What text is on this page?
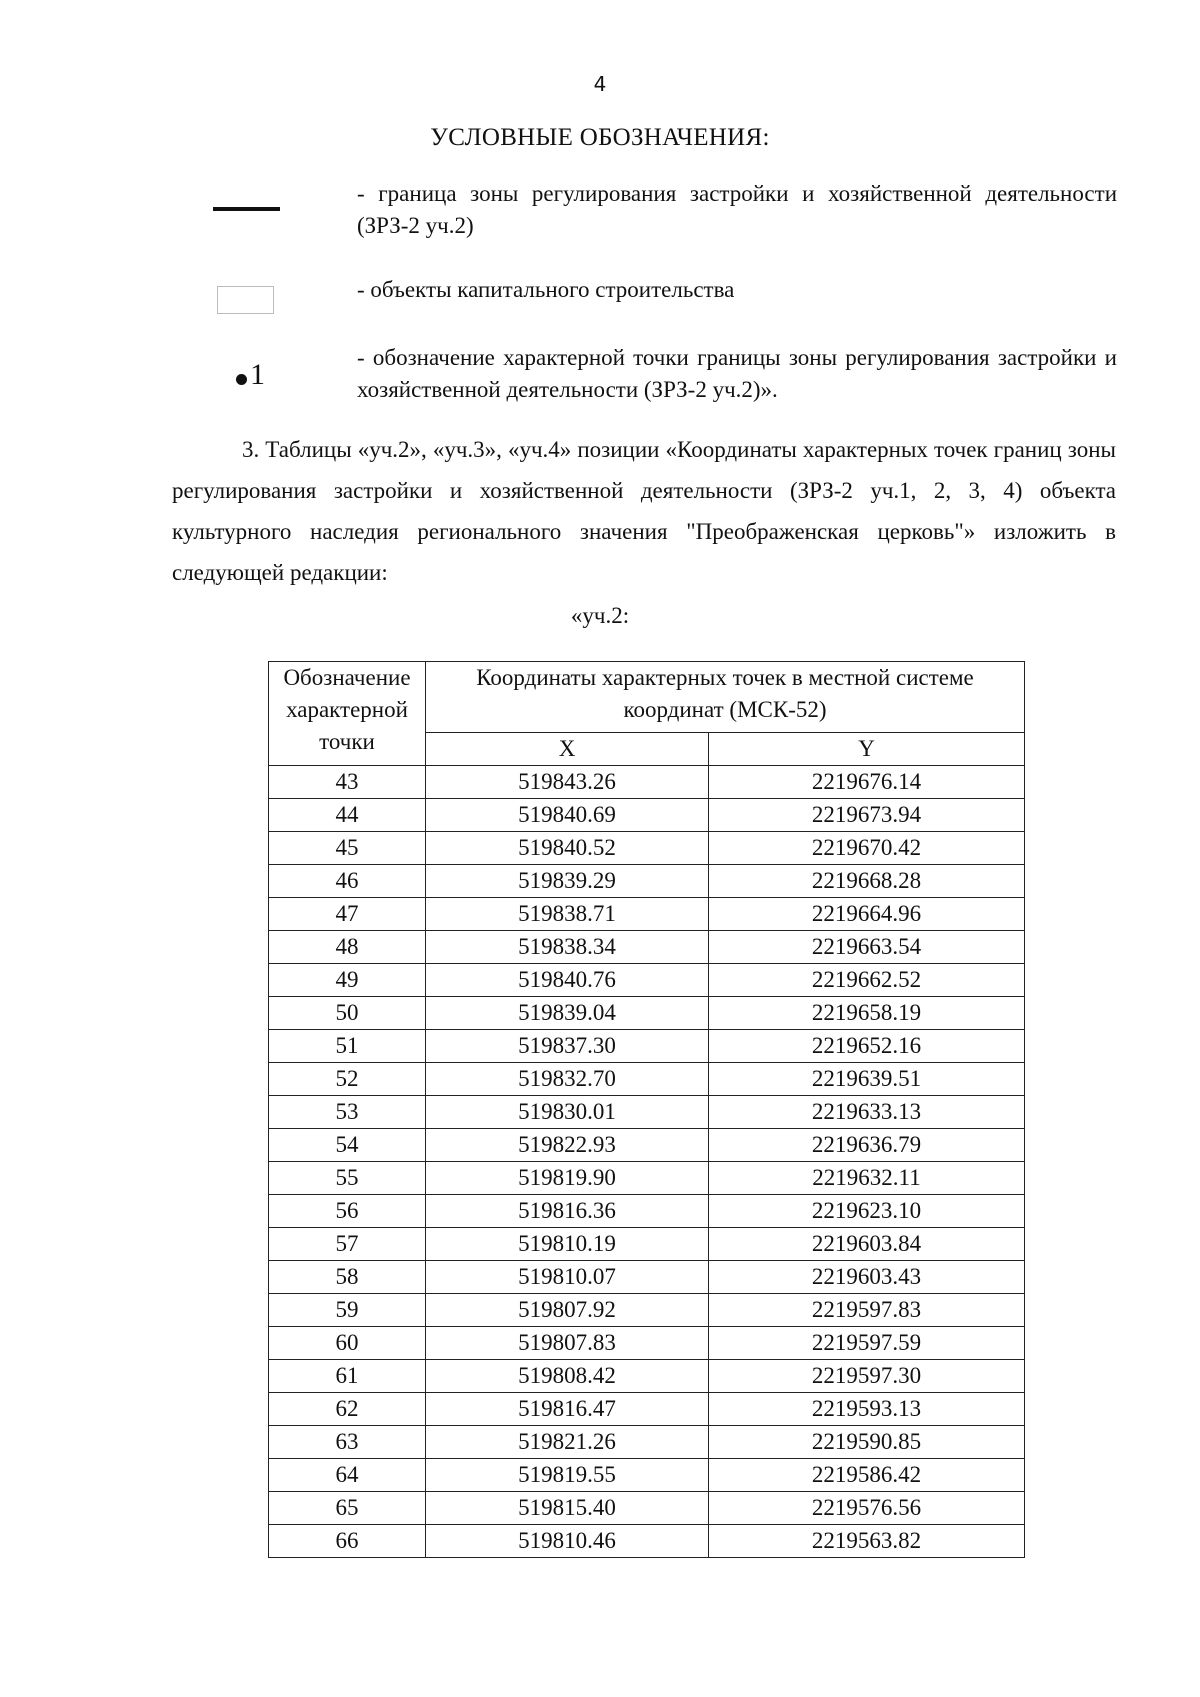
4
УСЛОВНЫЕ ОБОЗНАЧЕНИЯ:
- граница зоны регулирования застройки и хозяйственной деятельности (ЗРЗ-2 уч.2)
- объекты капитального строительства
1
- обозначение характерной точки границы зоны регулирования застройки и хозяйственной деятельности (ЗРЗ-2 уч.2)».
3. Таблицы «уч.2», «уч.3», «уч.4» позиции «Координаты характерных точек границ зоны регулирования застройки и хозяйственной деятельности (ЗРЗ-2 уч.1, 2, 3, 4) объекта культурного наследия регионального значения "Преображенская церковь"» изложить в следующей редакции:
«уч.2:
Обозначение характерной точки	Координаты характерных точек в местной системе координат (МСК-52)	
	X	Y
43	519843.26	2219676.14
44	519840.69	2219673.94
45	519840.52	2219670.42
46	519839.29	2219668.28
47	519838.71	2219664.96
48	519838.34	2219663.54
49	519840.76	2219662.52
50	519839.04	2219658.19
51	519837.30	2219652.16
52	519832.70	2219639.51
53	519830.01	2219633.13
54	519822.93	2219636.79
55	519819.90	2219632.11
56	519816.36	2219623.10
57	519810.19	2219603.84
58	519810.07	2219603.43
59	519807.92	2219597.83
60	519807.83	2219597.59
61	519808.42	2219597.30
62	519816.47	2219593.13
63	519821.26	2219590.85
64	519819.55	2219586.42
65	519815.40	2219576.56
66	519810.46	2219563.82
